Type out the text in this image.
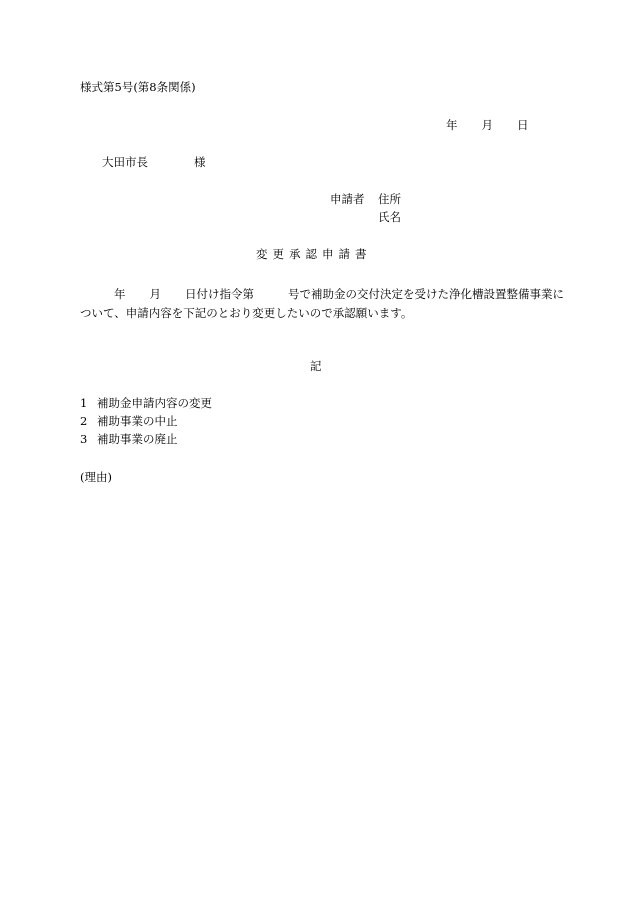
様式第5号(第8条関係)
年 月 日
大田市長	様
申請者 住所
氏名
変更承認申請書
年 月 日付け指令第	号で補助金の交付決定を受けた浄化槽設置整備事業について、申請内容を下記のとおり変更したいので承認願います。
記
1 補助金申請内容の変更
2 補助事業の中止
3 補助事業の廃止
(理由)
